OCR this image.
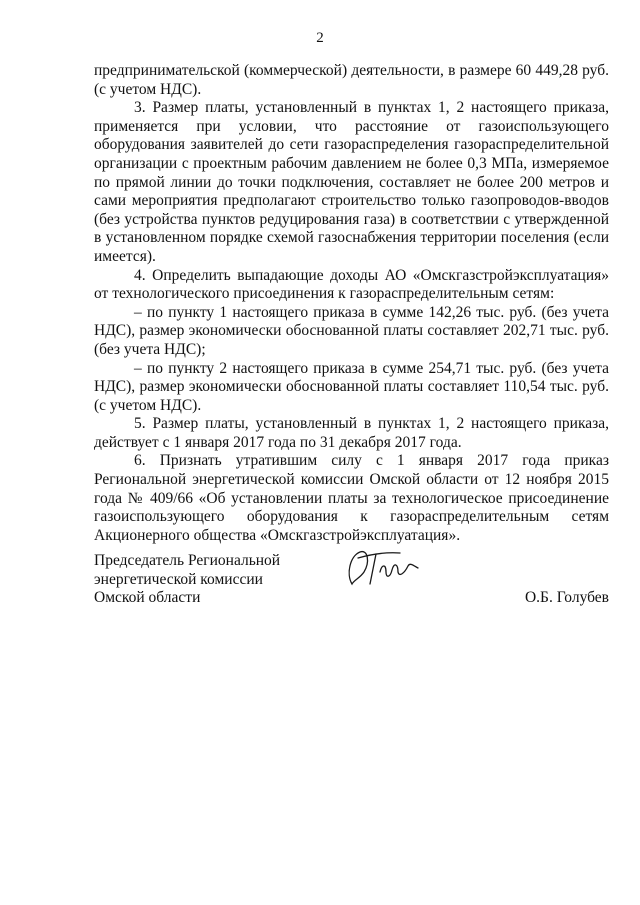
2

предпринимательской (коммерческой) деятельности, в размере 60 449,28 руб. (с учетом НДС).

3. Размер платы, установленный в пунктах 1, 2 настоящего приказа, применяется при условии, что расстояние от газоиспользующего оборудования заявителей до сети газораспределения газораспределительной организации с проектным рабочим давлением не более 0,3 МПа, измеряемое по прямой линии до точки подключения, составляет не более 200 метров и сами мероприятия предполагают строительство только газопроводов-вводов (без устройства пунктов редуцирования газа) в соответствии с утвержденной в установленном порядке схемой газоснабжения территории поселения (если имеется).

4. Определить выпадающие доходы АО «Омскгазстройэксплуатация» от технологического присоединения к газораспределительным сетям:

– по пункту 1 настоящего приказа в сумме 142,26 тыс. руб. (без учета НДС), размер экономически обоснованной платы составляет 202,71 тыс. руб. (без учета НДС);

– по пункту 2 настоящего приказа в сумме 254,71 тыс. руб. (без учета НДС), размер экономически обоснованной платы составляет 110,54 тыс. руб. (с учетом НДС).

5. Размер платы, установленный в пунктах 1, 2 настоящего приказа, действует с 1 января 2017 года по 31 декабря 2017 года.

6. Признать утратившим силу с 1 января 2017 года приказ Региональной энергетической комиссии Омской области от 12 ноября 2015 года № 409/66 «Об установлении платы за технологическое присоединение газоиспользующего оборудования к газораспределительным сетям Акционерного общества «Омскгазстройэксплуатация».

Председатель Региональной
энергетической комиссии
Омской области	О.Б. Голубев
